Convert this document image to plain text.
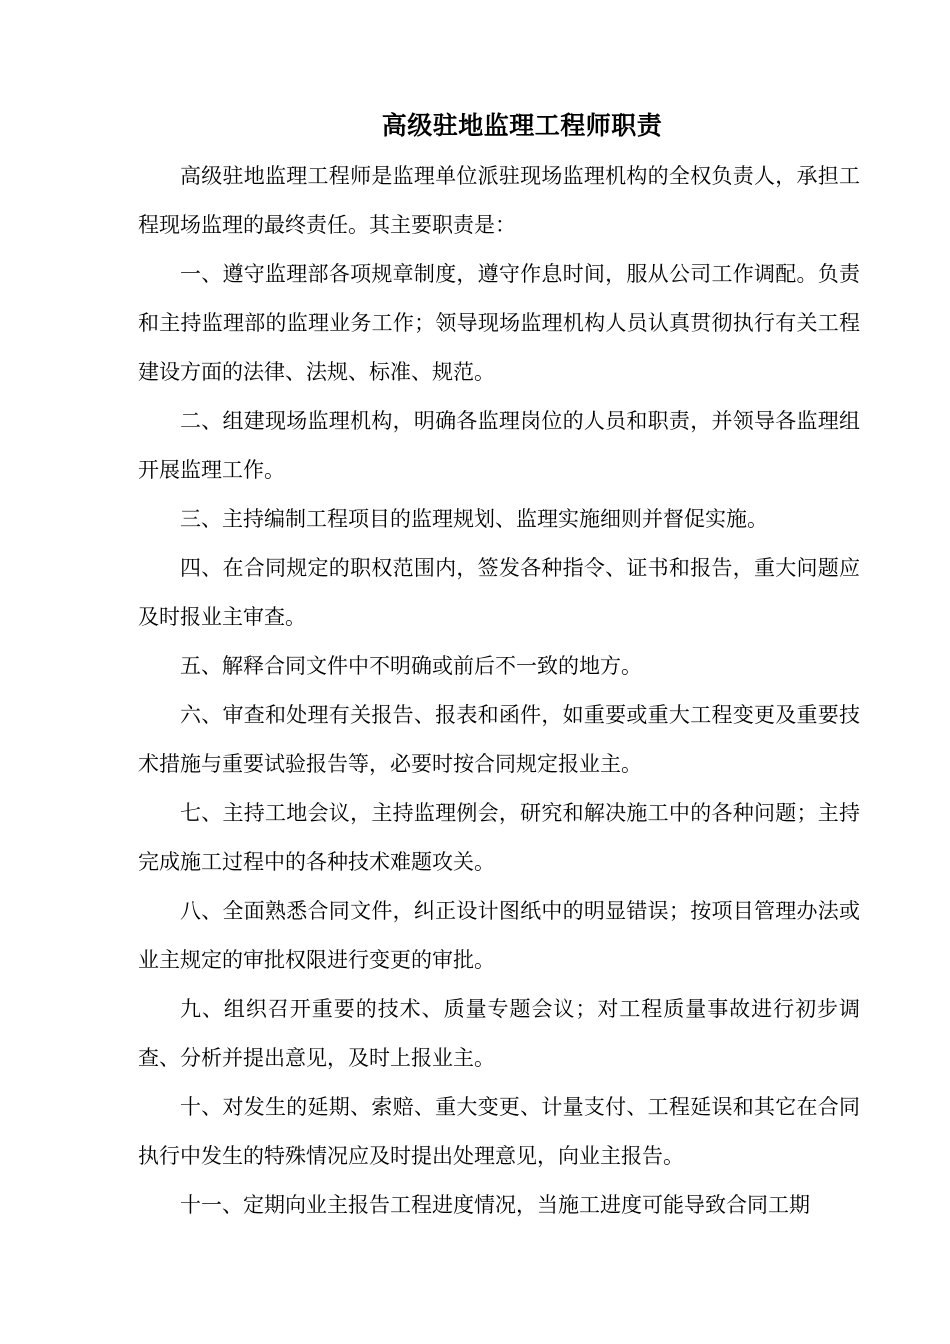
高级驻地监理工程师职责

高级驻地监理工程师是监理单位派驻现场监理机构的全权负责人，承担工程现场监理的最终责任。其主要职责是：

一、遵守监理部各项规章制度，遵守作息时间，服从公司工作调配。负责和主持监理部的监理业务工作；领导现场监理机构人员认真贯彻执行有关工程建设方面的法律、法规、标准、规范。

二、组建现场监理机构，明确各监理岗位的人员和职责，并领导各监理组开展监理工作。

三、主持编制工程项目的监理规划、监理实施细则并督促实施。

四、在合同规定的职权范围内，签发各种指令、证书和报告，重大问题应及时报业主审查。

五、解释合同文件中不明确或前后不一致的地方。

六、审查和处理有关报告、报表和函件，如重要或重大工程变更及重要技术措施与重要试验报告等，必要时按合同规定报业主。

七、主持工地会议，主持监理例会，研究和解决施工中的各种问题；主持完成施工过程中的各种技术难题攻关。

八、全面熟悉合同文件，纠正设计图纸中的明显错误；按项目管理办法或业主规定的审批权限进行变更的审批。

九、组织召开重要的技术、质量专题会议；对工程质量事故进行初步调查、分析并提出意见，及时上报业主。

十、对发生的延期、索赔、重大变更、计量支付、工程延误和其它在合同执行中发生的特殊情况应及时提出处理意见，向业主报告。

十一、定期向业主报告工程进度情况，当施工进度可能导致合同工期
